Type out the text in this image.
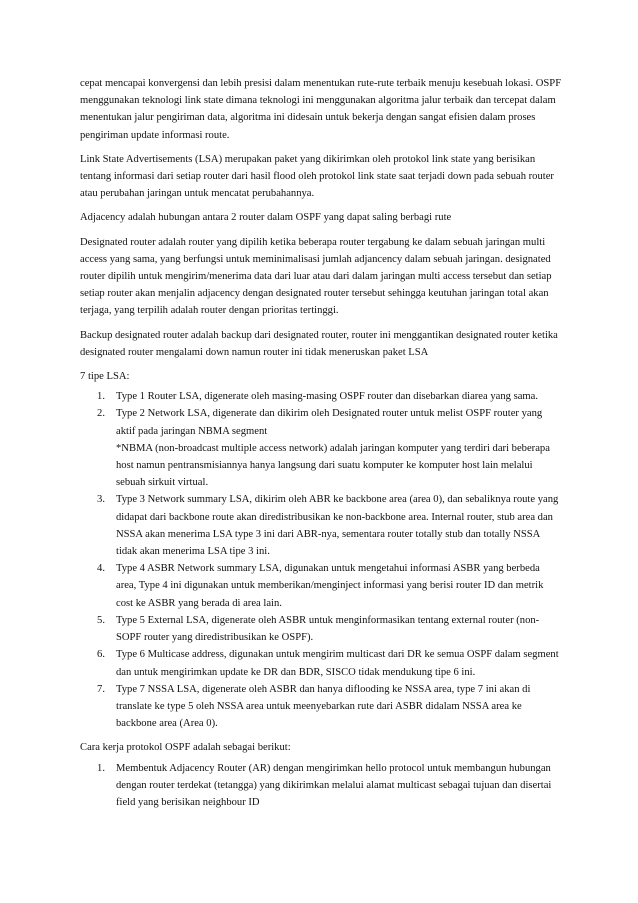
cepat mencapai konvergensi dan lebih presisi dalam menentukan rute-rute terbaik menuju kesebuah lokasi. OSPF menggunakan teknologi link state dimana teknologi ini menggunakan algoritma jalur terbaik dan tercepat dalam menentukan jalur pengiriman data, algoritma ini didesain untuk bekerja dengan sangat efisien dalam proses pengiriman update informasi route.

Link State Advertisements (LSA) merupakan paket yang dikirimkan oleh protokol link state yang berisikan tentang informasi dari setiap router dari hasil flood oleh protokol link state saat terjadi down pada sebuah router atau perubahan jaringan untuk mencatat perubahannya.

Adjacency adalah hubungan antara 2 router dalam OSPF yang dapat saling berbagi rute

Designated router adalah router yang dipilih ketika beberapa router tergabung ke dalam sebuah jaringan multi access yang sama, yang berfungsi untuk meminimalisasi jumlah adjancency dalam sebuah jaringan. designated router dipilih untuk mengirim/menerima data dari luar atau dari dalam jaringan multi access tersebut dan setiap setiap router akan menjalin adjacency dengan designated router tersebut sehingga keutuhan jaringan total akan terjaga, yang terpilih adalah router dengan prioritas tertinggi.

Backup designated router adalah backup dari designated router, router ini menggantikan designated router ketika designated router mengalami down namun router ini tidak meneruskan paket LSA

7 tipe LSA:

1.	Type 1 Router LSA, digenerate oleh masing-masing OSPF router dan disebarkan diarea yang sama.
2.	Type 2 Network LSA, digenerate dan dikirim oleh Designated router untuk melist OSPF router yang aktif pada jaringan NBMA segment
*NBMA (non-broadcast multiple access network) adalah jaringan komputer yang terdiri dari beberapa host namun pentransmisiannya hanya langsung dari suatu komputer ke komputer host lain melalui sebuah sirkuit virtual.
3.	Type 3 Network summary LSA, dikirim oleh ABR ke backbone area (area 0), dan sebaliknya route yang didapat dari backbone route akan diredistribusikan ke non-backbone area. Internal router, stub area dan NSSA akan menerima LSA type 3 ini dari ABR-nya, sementara router totally stub dan totally NSSA tidak akan menerima LSA tipe 3 ini.
4.	Type 4 ASBR Network summary LSA, digunakan untuk mengetahui informasi ASBR yang berbeda area, Type 4 ini digunakan untuk memberikan/menginject informasi yang berisi router ID dan metrik cost ke ASBR yang berada di area lain.
5.	Type 5 External LSA, digenerate oleh ASBR untuk menginformasikan tentang external router (non-SOPF router yang diredistribusikan ke OSPF).
6.	Type 6 Multicase address, digunakan untuk mengirim multicast dari DR ke semua OSPF dalam segment dan untuk mengirimkan update ke DR dan BDR, SISCO tidak mendukung tipe 6 ini.
7.	Type 7 NSSA LSA, digenerate oleh ASBR dan hanya diflooding ke NSSA area, type 7 ini akan di translate ke type 5 oleh NSSA area untuk meenyebarkan rute dari ASBR didalam NSSA area ke backbone area (Area 0).

Cara kerja protokol OSPF adalah sebagai berikut:

1.	Membentuk Adjacency Router (AR) dengan mengirimkan hello protocol untuk membangun hubungan dengan router terdekat (tetangga) yang dikirimkan melalui alamat multicast sebagai tujuan dan disertai field yang berisikan neighbour ID
